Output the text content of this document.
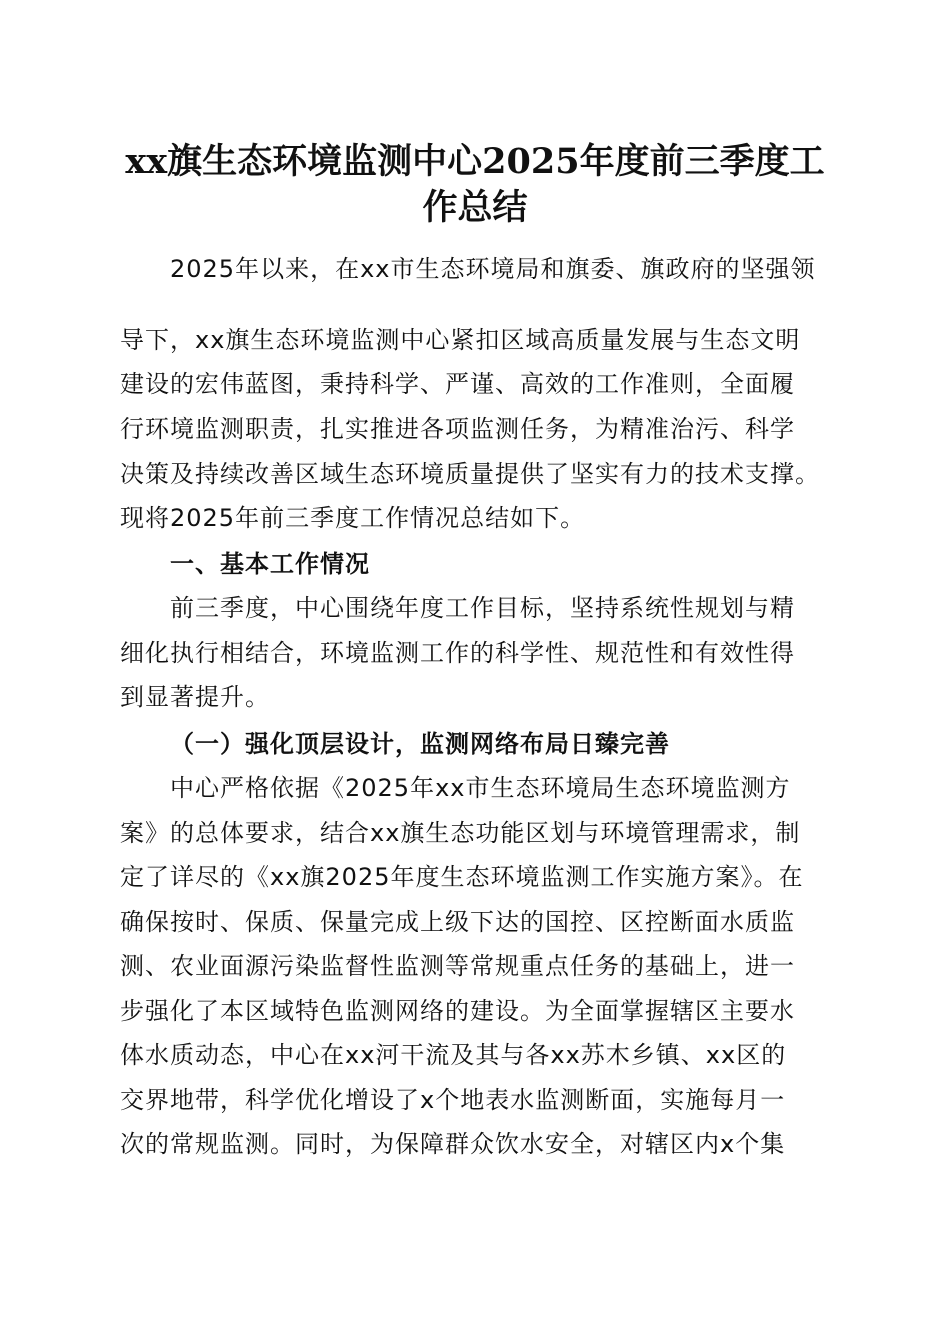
xx旗生态环境监测中心2025年度前三季度工
作总结
2025年以来，在xx市生态环境局和旗委、旗政府的坚强领
导下，xx旗生态环境监测中心紧扣区域高质量发展与生态文明
建设的宏伟蓝图，秉持科学、严谨、高效的工作准则，全面履
行环境监测职责，扎实推进各项监测任务，为精准治污、科学
决策及持续改善区域生态环境质量提供了坚实有力的技术支撑。
现将2025年前三季度工作情况总结如下。
一、基本工作情况
前三季度，中心围绕年度工作目标，坚持系统性规划与精
细化执行相结合，环境监测工作的科学性、规范性和有效性得
到显著提升。
（一）强化顶层设计，监测网络布局日臻完善
中心严格依据《2025年xx市生态环境局生态环境监测方
案》的总体要求，结合xx旗生态功能区划与环境管理需求，制
定了详尽的《xx旗2025年度生态环境监测工作实施方案》。在
确保按时、保质、保量完成上级下达的国控、区控断面水质监
测、农业面源污染监督性监测等常规重点任务的基础上，进一
步强化了本区域特色监测网络的建设。为全面掌握辖区主要水
体水质动态，中心在xx河干流及其与各xx苏木乡镇、xx区的
交界地带，科学优化增设了x个地表水监测断面，实施每月一
次的常规监测。同时，为保障群众饮水安全，对辖区内x个集
